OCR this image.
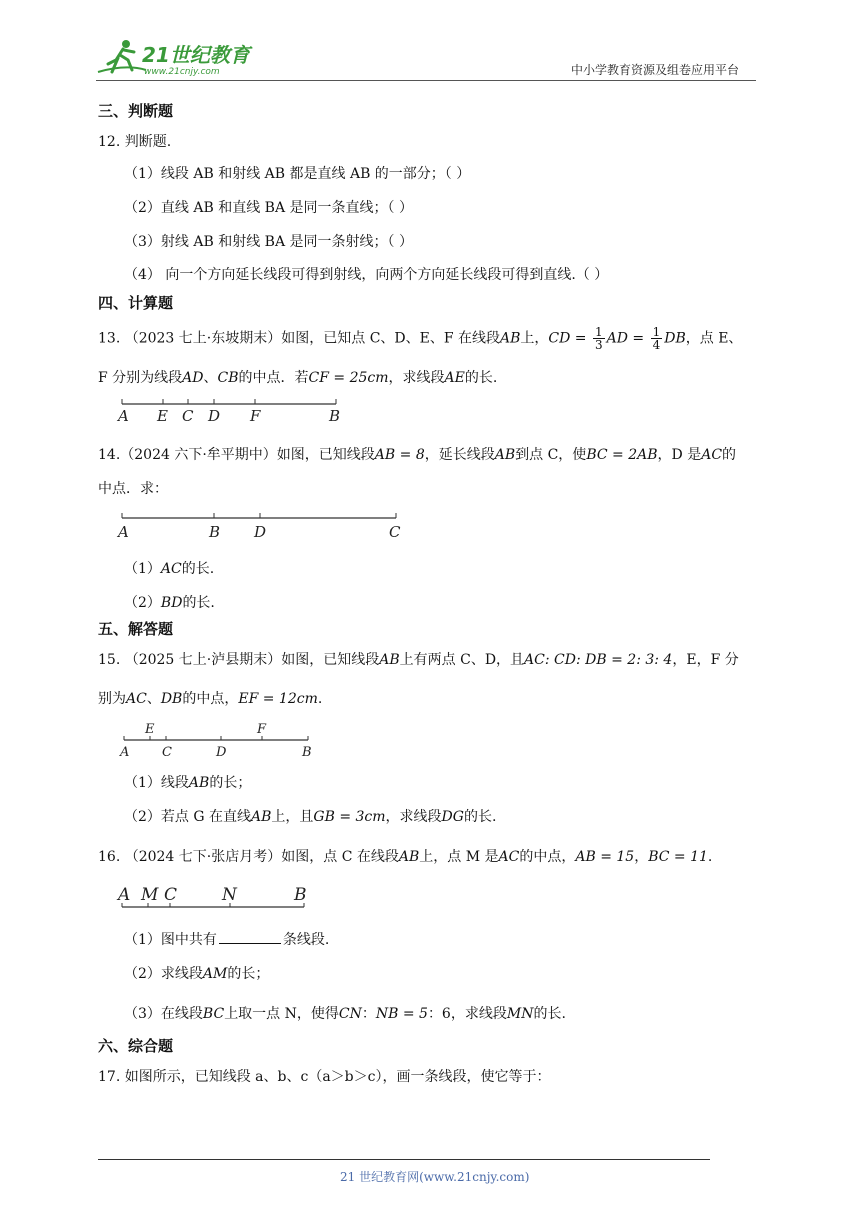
21世纪教育
www.21cnjy.com	中小学教育资源及组卷应用平台
三、判断题
12. 判断题.
（1）线段 AB 和射线 AB 都是直线 AB 的一部分；（ ）
（2）直线 AB 和直线 BA 是同一条直线；（ ）
（3）射线 AB 和射线 BA 是同一条射线；（ ）
（4） 向一个方向延长线段可得到射线，向两个方向延长线段可得到直线.（ ）
四、计算题
13. （2023 七上·东坡期末）如图，已知点 C、D、E、F 在线段AB上，CD = $\frac{1}{3}$ AD = $\frac{1}{4}$ DB，点 E、
F 分别为线段AD、CB的中点．若CF = 25cm，求线段AE的长.
A E C D F	B
14.（2024 六下·牟平期中）如图，已知线段AB = 8，延长线段AB到点 C，使BC = 2AB，D 是AC的
中点．求：
A	B D	C
（1）AC的长.
（2）BD的长.
五、解答题
15. （2025 七上·泸县期末）如图，已知线段AB上有两点 C、D，且AC: CD: DB = 2: 3: 4，E，F 分
别为AC、DB的中点，EF = 12cm.
A	C	D	B
E	F
（1）线段AB的长；
（2）若点 G 在直线AB上，且GB = 3cm，求线段DG的长.
16. （2024 七下·张店月考）如图，点 C 在线段AB上，点 M 是AC的中点，AB = 15，BC = 11.
A M C	N	B
（1）图中共有	条线段.
（2）求线段AM的长；
（3）在线段BC上取一点 N，使得CN：NB = 5：6，求线段MN的长.
六、综合题
17. 如图所示，已知线段 a、b、c（a＞b＞c），画一条线段，使它等于：
21 世纪教育网(www.21cnjy.com)
